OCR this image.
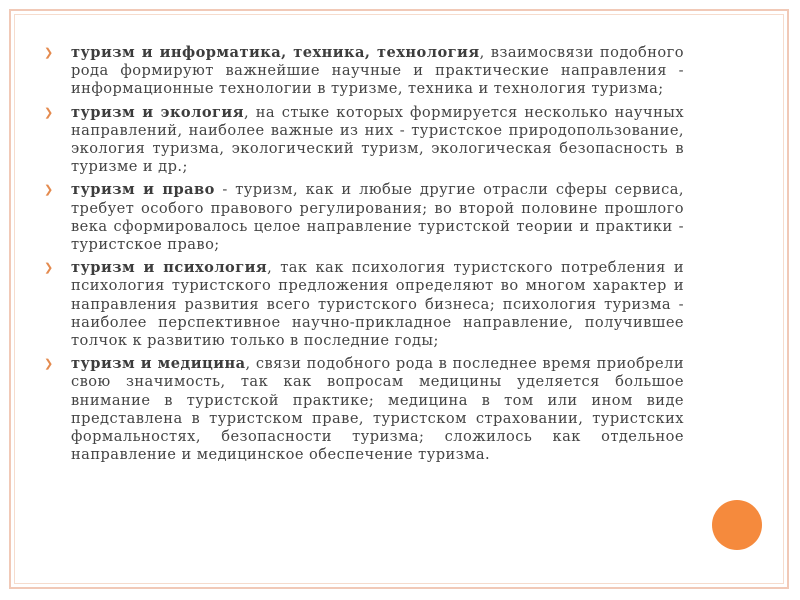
❯ туризм и информатика, техника, технология, взаимосвязи подобного рода формируют важнейшие научные и практические направления - информационные технологии в туризме, техника и технология туризма;
❯ туризм и экология, на стыке которых формируется несколько научных направлений, наиболее важные из них - туристское природопользование, экология туризма, экологический туризм, экологическая безопасность в туризме и др.;
❯ туризм и право - туризм, как и любые другие отрасли сферы сервиса, требует особого правового регулирования; во второй половине прошлого века сформировалось целое направление туристской теории и практики - туристское право;
❯ туризм и психология, так как психология туристского потребления и психология туристского предложения определяют во многом характер и направления развития всего туристского бизнеса; психология туризма - наиболее перспективное научно-прикладное направление, получившее толчок к развитию только в последние годы;
❯ туризм и медицина, связи подобного рода в последнее время приобрели свою значимость, так как вопросам медицины уделяется большое внимание в туристской практике; медицина в том или ином виде представлена в туристском праве, туристском страховании, туристских формальностях, безопасности туризма; сложилось как отдельное направление и медицинское обеспечение туризма.
